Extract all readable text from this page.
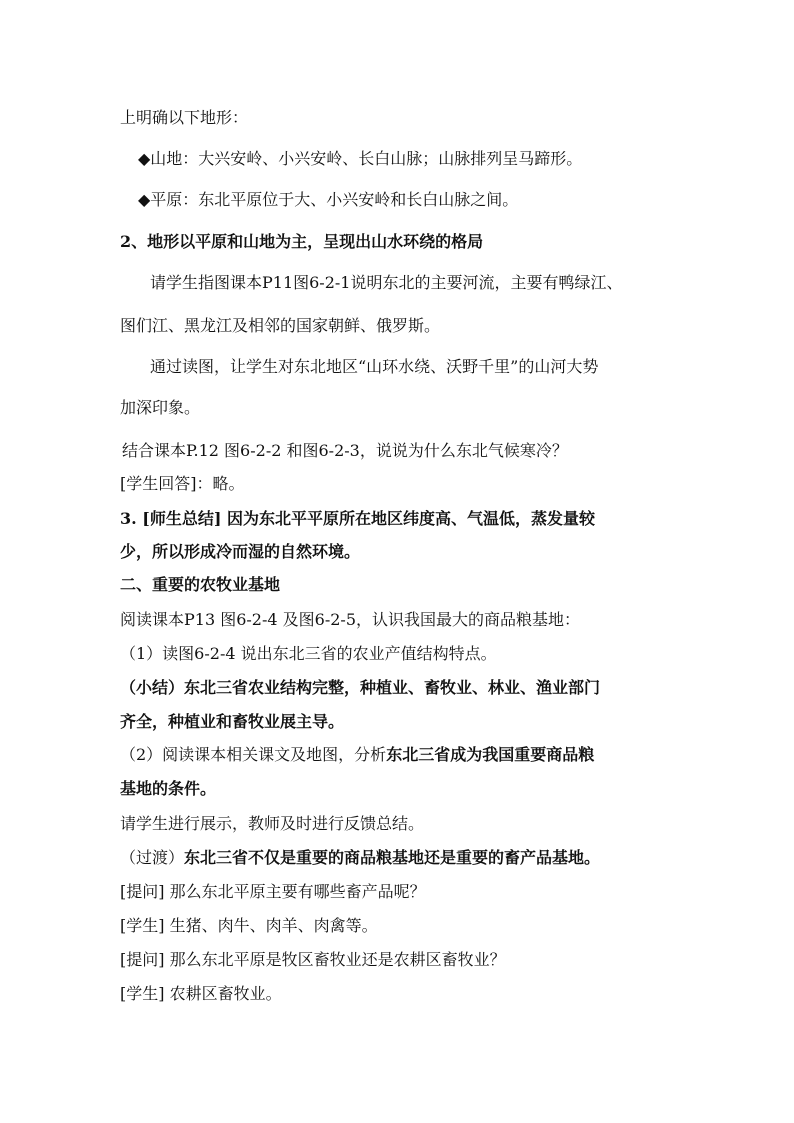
上明确以下地形：
◆山地：大兴安岭、小兴安岭、长白山脉；山脉排列呈马蹄形。
◆平原：东北平原位于大、小兴安岭和长白山脉之间。
2、地形以平原和山地为主，呈现出山水环绕的格局
请学生指图课本P11图6-2-1说明东北的主要河流，主要有鸭绿江、
图们江、黑龙江及相邻的国家朝鲜、俄罗斯。
通过读图，让学生对东北地区“山环水绕、沃野千里”的山河大势
加深印象。
结合课本P.12 图6-2-2 和图6-2-3，说说为什么东北气候寒冷？
[学生回答]：略。
3. [师生总结] 因为东北平平原所在地区纬度高、气温低，蒸发量较
少，所以形成冷而湿的自然环境。
二、重要的农牧业基地
阅读课本P13 图6-2-4 及图6-2-5，认识我国最大的商品粮基地：
（1）读图6-2-4 说出东北三省的农业产值结构特点。
（小结）东北三省农业结构完整，种植业、畜牧业、林业、渔业部门
齐全，种植业和畜牧业展主导。
（2）阅读课本相关课文及地图，分析东北三省成为我国重要商品粮
基地的条件。
请学生进行展示，教师及时进行反馈总结。
（过渡）东北三省不仅是重要的商品粮基地还是重要的畜产品基地。
[提问] 那么东北平原主要有哪些畜产品呢？
[学生] 生猪、肉牛、肉羊、肉禽等。
[提问] 那么东北平原是牧区畜牧业还是农耕区畜牧业？
[学生] 农耕区畜牧业。
